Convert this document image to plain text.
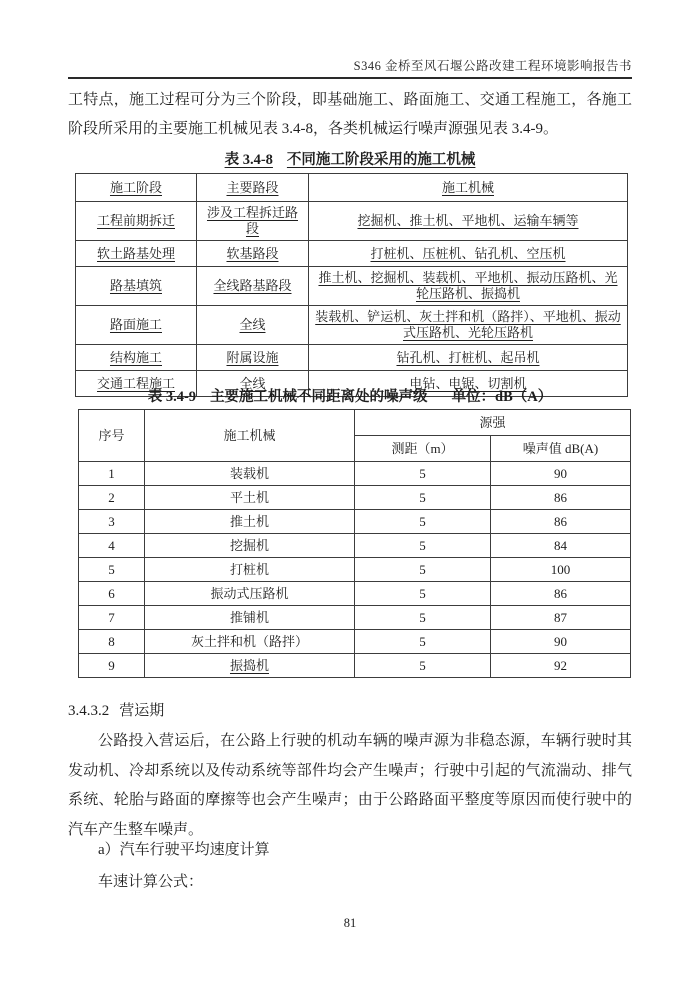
S346 金桥至风石堰公路改建工程环境影响报告书
工特点，施工过程可分为三个阶段，即基础施工、路面施工、交通工程施工，各施工阶段所采用的主要施工机械见表 3.4-8，各类机械运行噪声源强见表 3.4-9。
表 3.4-8 不同施工阶段采用的施工机械
施工阶段	主要路段	施工机械
工程前期拆迁	涉及工程拆迁路段	挖掘机、推土机、平地机、运输车辆等
软土路基处理	软基路段	打桩机、压桩机、钻孔机、空压机
路基填筑	全线路基路段	推土机、挖掘机、装载机、平地机、振动压路机、光轮压路机、振捣机
路面施工	全线	装载机、铲运机、灰土拌和机（路拌）、平地机、振动式压路机、光轮压路机
结构施工	附属设施	钻孔机、打桩机、起吊机
交通工程施工	全线	电钻、电锯、切割机
表 3.4-9 主要施工机械不同距离处的噪声级 单位：dB（A）
序号	施工机械	源强	
		测距（m）	噪声值 dB(A)
1	装载机	5	90
2	平土机	5	86
3	推土机	5	86
4	挖掘机	5	84
5	打桩机	5	100
6	振动式压路机	5	86
7	推铺机	5	87
8	灰土拌和机（路拌）	5	90
9	振捣机	5	92
3.4.3.2 营运期
公路投入营运后，在公路上行驶的机动车辆的噪声源为非稳态源，车辆行驶时其发动机、冷却系统以及传动系统等部件均会产生噪声；行驶中引起的气流湍动、排气系统、轮胎与路面的摩擦等也会产生噪声；由于公路路面平整度等原因而使行驶中的汽车产生整车噪声。
a）汽车行驶平均速度计算
车速计算公式：
81
